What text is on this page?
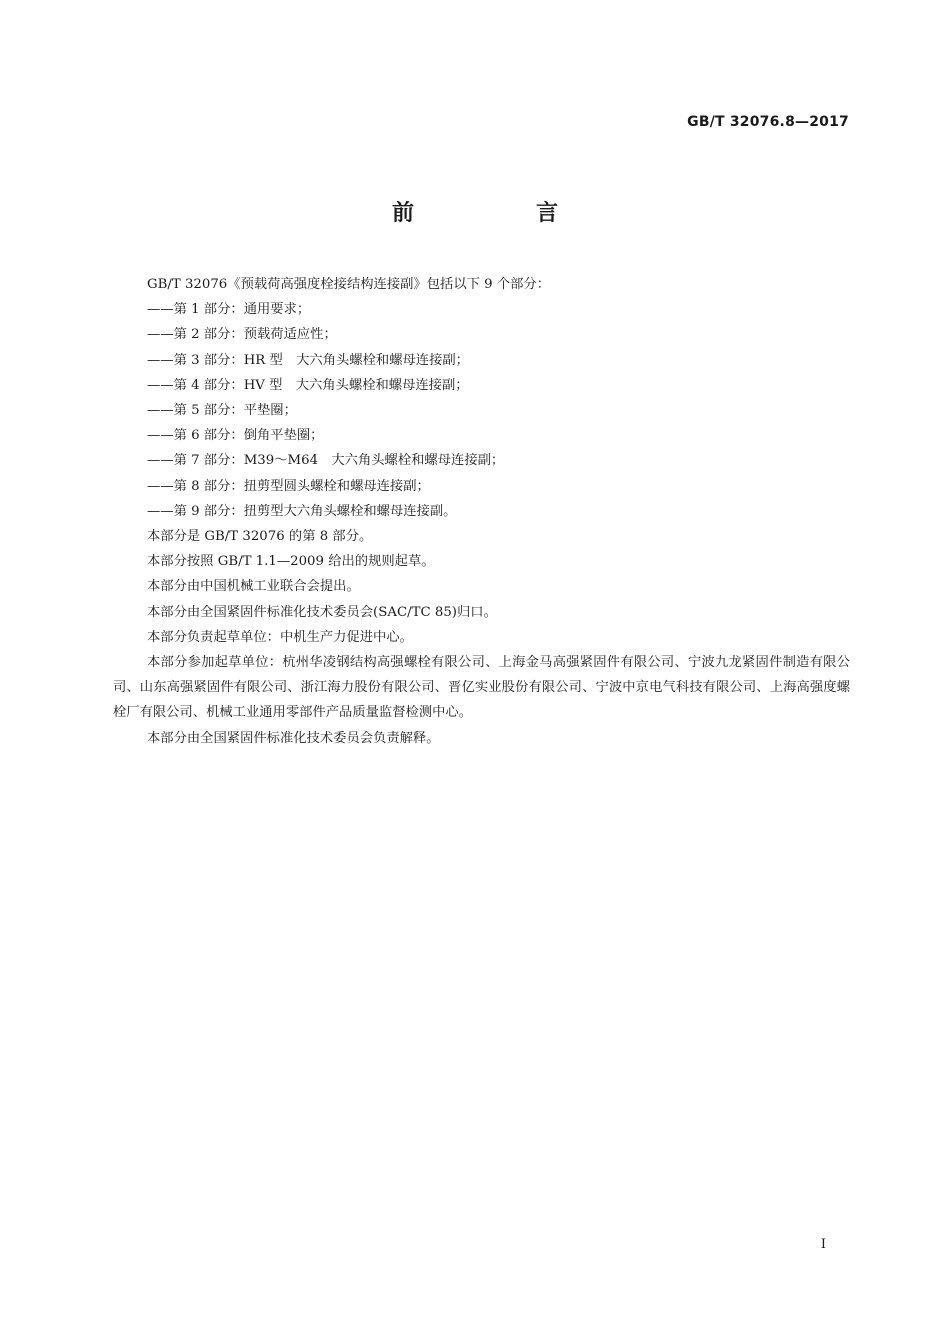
GB/T 32076.8—2017
前　言

GB/T 32076《预载荷高强度栓接结构连接副》包括以下 9 个部分：

——第 1 部分：通用要求；

——第 2 部分：预载荷适应性；

——第 3 部分：HR 型　大六角头螺栓和螺母连接副；

——第 4 部分：HV 型　大六角头螺栓和螺母连接副；

——第 5 部分：平垫圈；

——第 6 部分：倒角平垫圈；

——第 7 部分：M39～M64　大六角头螺栓和螺母连接副；

——第 8 部分：扭剪型圆头螺栓和螺母连接副；

——第 9 部分：扭剪型大六角头螺栓和螺母连接副。

本部分是 GB/T 32076 的第 8 部分。

本部分按照 GB/T 1.1—2009 给出的规则起草。

本部分由中国机械工业联合会提出。

本部分由全国紧固件标准化技术委员会(SAC/TC 85)归口。

本部分负责起草单位：中机生产力促进中心。

本部分参加起草单位：杭州华凌钢结构高强螺栓有限公司、上海金马高强紧固件有限公司、宁波九龙紧固件制造有限公司、山东高强紧固件有限公司、浙江海力股份有限公司、晋亿实业股份有限公司、宁波中京电气科技有限公司、上海高强度螺栓厂有限公司、机械工业通用零部件产品质量监督检测中心。

本部分由全国紧固件标准化技术委员会负责解释。

I
